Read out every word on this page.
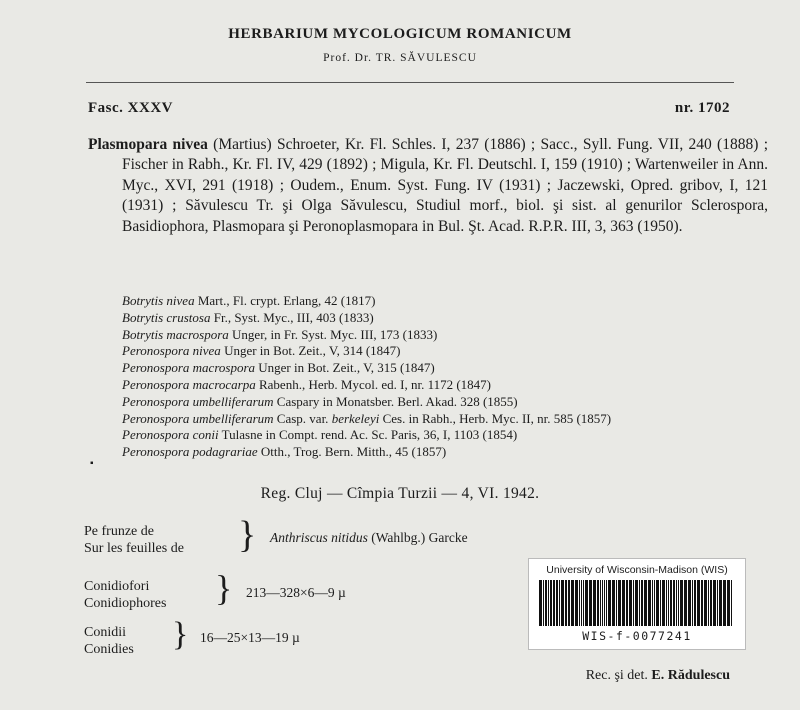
HERBARIUM MYCOLOGICUM ROMANICUM
Prof. Dr. TR. SĂVULESCU
Fasc. XXXV	nr. 1702
Plasmopara nivea (Martius) Schroeter, Kr. Fl. Schles. I, 237 (1886) ; Sacc., Syll. Fung. VII, 240 (1888) ; Fischer in Rabh., Kr. Fl. IV, 429 (1892) ; Migula, Kr. Fl. Deutschl. I, 159 (1910) ; Wartenweiler in Ann. Myc., XVI, 291 (1918) ; Oudem., Enum. Syst. Fung. IV (1931) ; Jaczewski, Opred. gribov, I, 121 (1931) ; Săvulescu Tr. şi Olga Săvulescu, Studiul morf., biol. şi sist. al genurilor Sclerospora, Basidiophora, Plasmopara şi Peronoplasmopara in Bul. Şt. Acad. R.P.R. III, 3, 363 (1950).
Botrytis nivea Mart., Fl. crypt. Erlang, 42 (1817)
Botrytis crustosa Fr., Syst. Myc., III, 403 (1833)
Botrytis macrospora Unger, in Fr. Syst. Myc. III, 173 (1833)
Peronospora nivea Unger in Bot. Zeit., V, 314 (1847)
Peronospora macrospora Unger in Bot. Zeit., V, 315 (1847)
Peronospora macrocarpa Rabenh., Herb. Mycol. ed. I, nr. 1172 (1847)
Peronospora umbelliferarum Caspary in Monatsber. Berl. Akad. 328 (1855)
Peronospora umbelliferarum Casp. var. berkeleyi Ces. in Rabh., Herb. Myc. II, nr. 585 (1857)
Peronospora conii Tulasne in Compt. rend. Ac. Sc. Paris, 36, I, 1103 (1854)
Peronospora podagrariae Otth., Trog. Bern. Mitth., 45 (1857)
▪
Reg. Cluj — Cîmpia Turzii — 4, VI. 1942.
Pe frunze de
Sur les feuilles de } Anthriscus nitidus (Wahlbg.) Garcke
Conidiofori
Conidiophores } 213—328×6—9 µ
Conidii
Conidies } 16—25×13—19 µ
Rec. şi det. E. Rădulescu
University of Wisconsin-Madison (WIS)
WIS-f-0077241
